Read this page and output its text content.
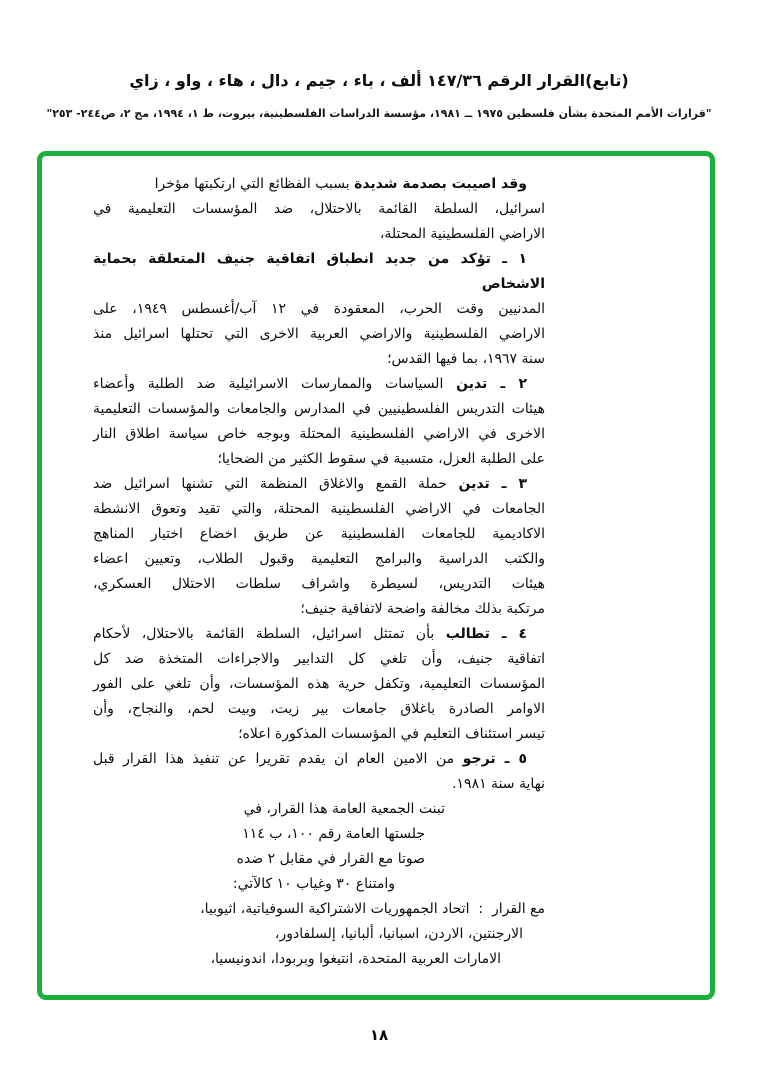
(تابع)القرار الرقم ١٤٧/٣٦ ألف ، باء ، جيم ، دال ، هاء ، واو ، زاي
"قرارات الأمم المتحدة بشأن فلسطين ١٩٧٥ ــ ١٩٨١، مؤسسة الدراسات الفلسطينية، بيروت، ط ١، ١٩٩٤، مج ٢، ص٢٤٤- ٢٥٣"
وقد اصيبت بصدمة شديدة بسبب الفظائع التي ارتكبتها مؤخرا
اسرائيل، السلطة القائمة بالاحتلال، ضد المؤسسات التعليمية في
الاراضي الفلسطينية المحتلة،
١ ـ تؤكد من جديد انطباق اتفاقية جنيف المتعلقة بحماية الاشخاص
المدنيين وقت الحرب، المعقودة في ١٢ آب/أغسطس ١٩٤٩، على
الاراضي الفلسطينية والاراضي العربية الاخرى التي تحتلها اسرائيل منذ
سنة ١٩٦٧، بما فيها القدس؛
٢ ـ تدين السياسات والممارسات الاسرائيلية ضد الطلبة وأعضاء
هيئات التدريس الفلسطينيين في المدارس والجامعات والمؤسسات التعليمية
الاخرى في الاراضي الفلسطينية المحتلة وبوجه خاص سياسة اطلاق النار
على الطلبة العزل، متسببة في سقوط الكثير من الضحايا؛
٣ ـ تدين حملة القمع والاغلاق المنظمة التي تشنها اسرائيل ضد
الجامعات في الاراضي الفلسطينية المحتلة، والتي تقيد وتعوق الانشطة
الاكاديمية للجامعات الفلسطينية عن طريق اخضاع اختيار المناهج
والكتب الدراسية والبرامج التعليمية وقبول الطلاب، وتعيين اعضاء
هيئات التدريس، لسيطرة واشراف سلطات الاحتلال العسكري،
مرتكبة بذلك مخالفة واضحة لاتفاقية جنيف؛
٤ ـ تطالب بأن تمتثل اسرائيل، السلطة القائمة بالاحتلال، لأحكام
اتفاقية جنيف، وأن تلغي كل التدابير والاجراءات المتخذة ضد كل
المؤسسات التعليمية، وتكفل حرية هذه المؤسسات، وأن تلغي على الفور
الاوامر الصادرة باغلاق جامعات بير زيت، وبيت لحم، والنجاح، وأن
تيسر استئناف التعليم في المؤسسات المذكورة اعلاه؛
٥ ـ ترجو من الامين العام ان يقدم تقريرا عن تنفيذ هذا القرار قبل
نهاية سنة ١٩٨١.
تبنت الجمعية العامة هذا القرار، في
جلستها العامة رقم ١٠٠، ب ١١٤
صوتا مع القرار في مقابل ٢ ضده
وامتناع ٣٠ وغياب ١٠ كالآتي:
مع القرار  :  اتحاد الجمهوريات الاشتراكية السوفياتية، اثيوبيا،
الارجنتين، الاردن، اسبانيا، ألبانيا، إلسلفادور،
الامارات العربية المتحدة، انتيغوا وبربودا، اندونيسيا،
١٨
